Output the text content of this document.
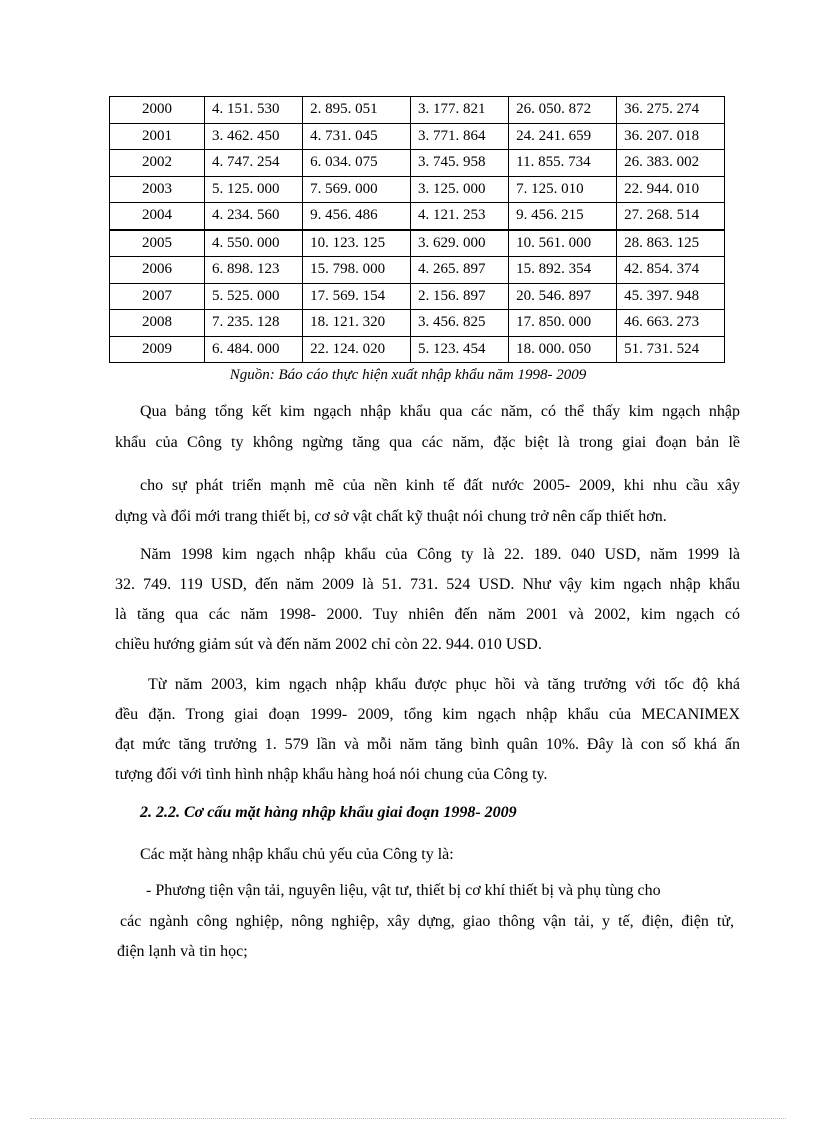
2000	4. 151. 530	2. 895. 051	3. 177. 821	26. 050. 872	36. 275. 274
2001	3. 462. 450	4. 731. 045	3. 771. 864	24. 241. 659	36. 207. 018
2002	4. 747. 254	6. 034. 075	3. 745. 958	11. 855. 734	26. 383. 002
2003	5. 125. 000	7. 569. 000	3. 125. 000	7. 125. 010	22. 944. 010
2004	4. 234. 560	9. 456. 486	4. 121. 253	9. 456. 215	27. 268. 514
2005	4. 550. 000	10. 123. 125	3. 629. 000	10. 561. 000	28. 863. 125
2006	6. 898. 123	15. 798. 000	4. 265. 897	15. 892. 354	42. 854. 374
2007	5. 525. 000	17. 569. 154	2. 156. 897	20. 546. 897	45. 397. 948
2008	7. 235. 128	18. 121. 320	3. 456. 825	17. 850. 000	46. 663. 273
2009	6. 484. 000	22. 124. 020	5. 123. 454	18. 000. 050	51. 731. 524
Nguồn: Báo cáo thực hiện xuất nhập khẩu năm 1998- 2009
Qua bảng tổng kết kim ngạch nhập khẩu qua các năm, có thể thấy kim ngạch nhập
khẩu của Công ty không ngừng tăng qua các năm, đặc biệt là trong giai đoạn bản lề
cho sự phát triển mạnh mẽ của nền kinh tế đất nước 2005- 2009, khi nhu cầu xây
dựng và đổi mới trang thiết bị, cơ sở vật chất kỹ thuật nói chung trở nên cấp thiết hơn.
Năm 1998 kim ngạch nhập khẩu của Công ty là 22. 189. 040 USD, năm 1999 là
32. 749. 119 USD, đến năm 2009 là 51. 731. 524 USD. Như vậy kim ngạch nhập khẩu
là tăng qua các năm 1998- 2000. Tuy nhiên đến năm 2001 và 2002, kim ngạch có
chiều hướng giảm sút và đến năm 2002 chỉ còn 22. 944. 010 USD.
Từ năm 2003, kim ngạch nhập khẩu được phục hồi và tăng trưởng với tốc độ khá
đều đặn. Trong giai đoạn 1999- 2009, tổng kim ngạch nhập khẩu của MECANIMEX
đạt mức tăng trưởng 1. 579 lần và mỗi năm tăng bình quân 10%. Đây là con số khá ấn
tượng đối với tình hình nhập khẩu hàng hoá nói chung của Công ty.
2. 2.2. Cơ cấu mặt hàng nhập khẩu giai đoạn 1998- 2009
Các mặt hàng nhập khẩu chủ yếu của Công ty là:
- Phương tiện vận tải, nguyên liệu, vật tư, thiết bị cơ khí thiết bị và phụ tùng cho
các ngành công nghiệp, nông nghiệp, xây dựng, giao thông vận tải, y tế, điện, điện tử,
điện lạnh và tin học;
